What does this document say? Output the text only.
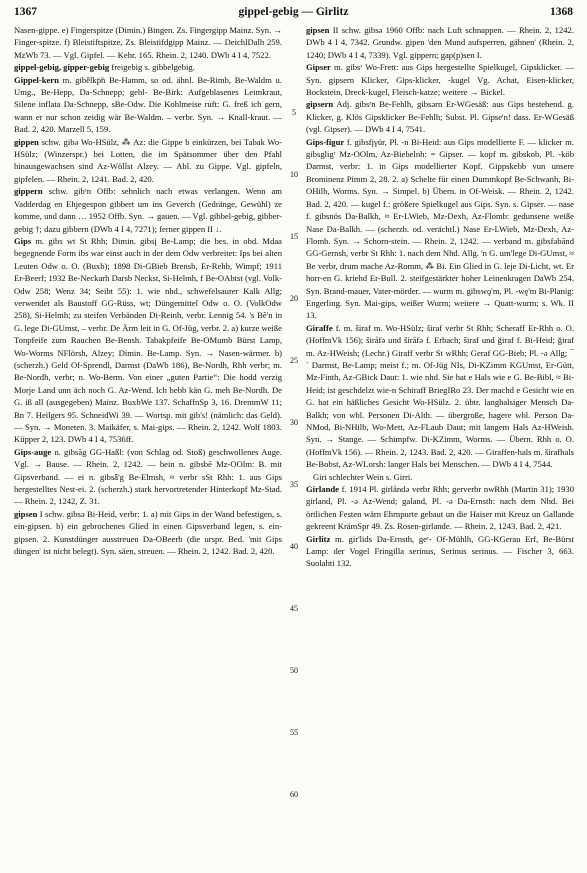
1367	gippel-gebig — Girlitz	1368

Nasen-gippe. e) Fingerspitze (Dimin.) Bingen. Zs. Fingergipp Mainz. Syn. → Finger-spitze. f) Bleistiftspitze, Zs. Bleistifdgipp Mainz. — DeichlDalh 259. MzWb 73. — Vgl. Gipfel. — Kehr. 165. Rhein. 2, 1240. DWb 4 I 4, 7522.

gippel-gebig, gipper-gebig freigebig s. gibbelgebig.

Gippel-kern m. gibělkṗ̃n Be-Hamm, so od. ähnl. Be-Rimb, Be-Waldm u. Umg., Be-Hepp, Da-Schnepp; gebl- Be-Birk: Aufgeblasenes Leimkraut, Silene inflata Da-Schnepp, sBe-Odw. Die Kohlmeise ruft: G. freß ich gern, wann er nur schon zeidig wär Be-Waldm. – verbr. Syn. → Knall-kraut. — Bad. 2, 420. Marzell 5, 159.

gippen schw. gibə Wo-HSülz, ⁂ Az: die Gippe b einkürzen, bei Tabak Wo-HSülz; (Winzerspr.) bei Lotten, die im Spätsommer über den Pfahl hinausgewachsen sind Az-Wöllst Alzey. — Abl. zu Gippe. Vgl. gipfeln, gipfelen. — Rhein. 2, 1241. Bad. 2, 420.

gippern schw. gibʳn Offb: sehnlich nach etwas verlangen. Wenn am Vadderdag en Ehjegespon gibbert um ins Geverch (Gedränge, Gewühl) ze komme, und dann … 1952 Offb. Syn. → gauen. — Vgl. gibbel-gebig, gibber-gebig †; dazu gibbern (DWb 4 I 4, 7271); ferner gippen II ↓.

Gips m. gibs wt St Rhh; Dimin. gibsį Be-Lamp; die bes. in obd. Mdaa begegnende Form ibs war einst auch in der dem Odw verbreitet: Ips bei alten Leuten Odw o. O. (Buxb); 1898 Di-GBieb Brensb, Er-Rehb, Wimpf; 1911 Er-Beerf; 1932 Be-Neckarh Darsb Neckst, Si-Helmh, f Be-OAbtst (vgl. Volk-Odw 258; Wenz 34; Seibt 55): 1. wie nhd., schwefelsaurer Kalk Allg; verwendet als Baustoff GG-Rüss, wt; Düngemittel Odw o. O. (VolkOdw 258), Si-Helmh; zu steifen Verbänden Di-Reinh, verbr. Lennig 54. 's Bẽ'n in G. lege Di-GUmst, – verbr. De Ärm leit in G. Of-Jüg, verbr. 2. a) kurze weiße Tonpfeife zum Rauchen Be-Bensh. Tabakpfeife Be-OMumb Bürst Lamp, Wo-Worms NFlörsh, Alzey; Dimin. Be-Lamp. Syn. → Nasen-wärmer. b) (scherzh.) Geld Of-Sprendl, Darmst (DaWb 186), Be-Nordh, Rhh verbr; m. Be-Nordh, verbr; n. Wo-Berm. Von einer „guten Partie“: Die hodd verzig Morje Land unn äch noch G. Az-Wend. Ich hebb kän G. meh Be-Nordh. De G. iß all (ausgegeben) Mainz. BuxbWe 137. SchaffnSp 3, 16. DremmW 11; Bn 7. Heilgers 95. SchneidWi 39. — Wortsp. mit gib's! (nämlich: das Geld). — Syn. → Moneten. 3. Maikäfer, s. Mai-gips. — Rhein. 2, 1242. Wolf 1803. Küpper 2, 123. DWb 4 I 4, 7536ff.

Gips-auge n. gibsãg GG-Haßl: (von Schlag od. Stoß) geschwollenes Auge. Vgl. → Bause. — Rhein. 2, 1242. — bein n. gibsbẽ Mz-OOlm: B. mit Gipsverband. — ei n. gibsǟ'g Be-Elmsh, ≈ verbr sSt Rhh: 1. aus Gips hergestelltes Nest-ei. 2. (scherzh.) stark hervortretender Hinterkopf Mz-Stad. — Rhein. 2, 1242, Z. 31.

gipsen I schw. gibsə Bi-Heid, verbr: 1. a) mit Gips in der Wand befestigen, s. ein-gipsen. b) ein gebrochenes Glied in einen Gipsverband legen, s. ein-gipsen. 2. Kunstdünger ausstreuen Da-OBeerb (die urspr. Bed. 'mit Gips düngen' ist nicht belegt). Syn. säen, streuen. — Rhein. 2, 1242. Bad. 2, 420.

gipsen II schw. gibsə 1960 Offb: nach Luft schnappen. — Rhein. 2, 1242. DWb 4 I 4, 7342. Grundw. gipen 'den Mund aufsperren, gähnen' (Rhein. 2, 1240; DWb 4 I 4, 7339). Vgl. gippern; gap(p)sen I.

Gipser m. gibsʳ Wo-Frett: aus Gips hergestellte Spielkugel, Gipsklicker. — Syn. gipsern Klicker, Gips-klicker, -kugel Vg. Achat, Eisen-klicker, Bockstein, Dreck-kugel, Fleisch-katze; weitere → Bickel.

gipsern Adj. gibsʳn Be-Fehlh, gibsərn Er-WGesäß: aus Gips bestehend. g. Klicker, g. Klös Gipsklicker Be-Fehlh; Subst. Pl. Gipse'n! dass. Er-WGesäß (vgl. Gipser). — DWb 4 I 4, 7541.

Gips-figur f. gibsfįγür, Pl. -n Bi-Heid: aus Gips modellierte F. — klicker m. gibsgligʳ Mz-OOlm, Az-Biebelnh: = Gipser. — kopf m. gibskob, Pl. -köb Darmst, verbr: 1. in Gips modellierter Kopf. Gippskebb vun unsere Brominenz Pimm 2, 28. 2. a) Schelte für einen Dummkopf Be-Schwanh, Bi-OHilb, Worms. Syn. → Simpel. b) Übern. in Of-Weisk. — Rhein. 2, 1242. Bad. 2, 420. — kugel f.: größere Spielkugel aus Gips. Syn. s. Gipser. — nase f. gibsnös Da-Balkh, ≈ Er-LWieb, Mz-Dexh, Az-Flomb: gedunsene weiße Nase Da-Balkh. — (scherzh. od. verächtl.) Nase Er-LWieb, Mz-Dexh, Az-Flomb. Syn. → Schorn-stein. — Rhein. 2, 1242. — verband m. gibsfəbãnd GG-Gernsh, verbr St Rhh: 1. nach dem Nhd. Allg. 'n G. um'lege Di-GUmst, ≈ Be verbr, drum mache Az-Romm, ⁂ Bi. Ein Glied in G. leje Di-Licht, wt. Er horr-en G. kriehd Er-Bull. 2. steifgestärkter hoher Leinenkragen DaWb 254. Syn. Brand-mauer, Vater-mörder. — wurm m. gibswǫ'm, Pl. -wę'm Bi-Planig: Engerling. Syn. Mai-gips, weißer Wurm; weitere → Quatt-wurm; s. Wk. II 13.

Giraffe f. m. širaf m. Wo-HSülz; širaf verbr St Rhh; Scheraff Er-Rhh o. O. (HoffmVk 156); širåfə und širåfə f. Erbach; širaf und ğiraf f. Bi-Heid; ğiraf m. Az-HWeish; (Lechr.) Giraff verbr St wRhh; Geraf GG-Bieb; Pl. -ə Allg; ¯ ´ Darmst, Be-Lamp; meist f.; m. Of-Jüg NIs, Di-KZimm KGUmst, Er-Gütt, Mz-Finth, Az-GBick Daut: 1. wie nhd. Sie hat e Hals wie e G. Be-Bibl, ≈ Bi-Heid; ist geschdelzt wie-n Schiraff BriegIRo 23. Der machd e Gesicht wie en G. hat ein häßliches Gesicht Wo-HSülz. 2. übtr. langhalsiger Mensch Da-Balkh; von wbl. Personen Di-Alth. — übergroße, hagere wbl. Person Da-NMod, Bi-NHilb, Wo-Mett, Az-FLaub Daut; mit langem Hals Az-HWeish. Syn. → Stange. — Schimpfw. Di-KZimm, Worms. — Übern. Rhh o. O. (HoffmVk 156). — Rhein. 2, 1243. Bad. 2, 420. — Giraffen-hals m. širafhals Be-Bobst, Az-WLorsh: langer Hals bei Menschen. — DWb 4 I 4, 7544.

Giri schlechter Wein s. Girri.

Girlande f. 1914 Pl. girlåndə verbr Rhh; gerverbr nwRhh (Martin 31); 1930 girland, Pl. -ə Az-Wend; galand, Pl. -ə Da-Ernsth: nach dem Nhd. Bei örtlichen Festen wärn Ehrnpurte gebaut un die Haiser mit Kreuz un Gallande gekreent KrämSpr 49. Zs. Rosen-girlande. — Rhein. 2, 1243. Bad. 2, 421.

Girlitz m. gir'lids Da-Ernsth, geʳ- Of-Mühlh, GG-KGerau Erf, Be-Bürst Lamp: der Vogel Fringilla serinus, Serinus serinus. — Fischer 3, 663. Suolahti 132.

5
10
15
20
25
30
35
40
45
50
55
60
